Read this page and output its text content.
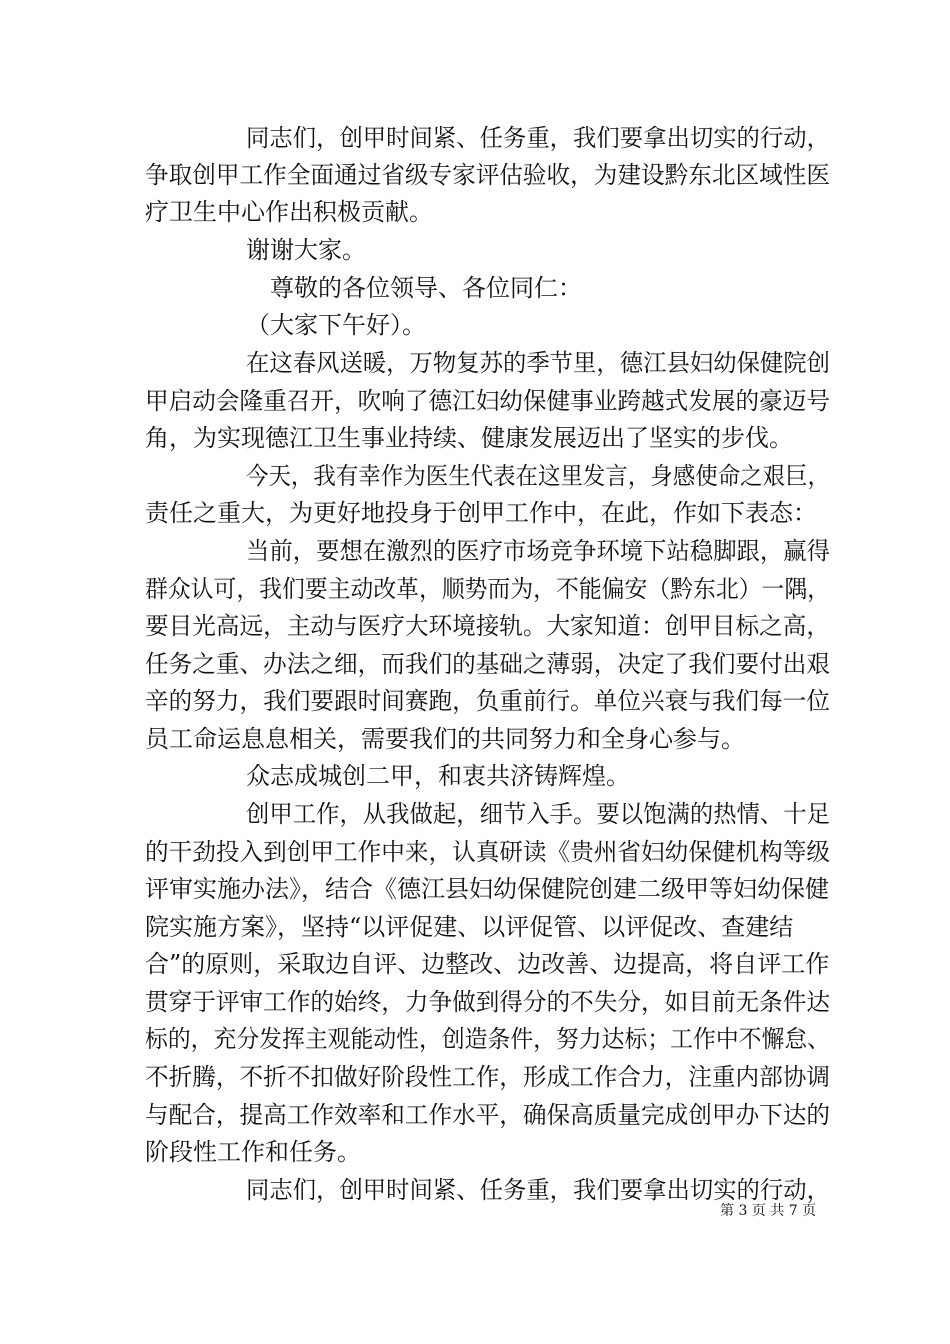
同志们，创甲时间紧、任务重，我们要拿出切实的行动，
争取创甲工作全面通过省级专家评估验收，为建设黔东北区域性医
疗卫生中心作出积极贡献。
谢谢大家。
尊敬的各位领导、各位同仁：
（大家下午好）。
在这春风送暖，万物复苏的季节里，德江县妇幼保健院创
甲启动会隆重召开，吹响了德江妇幼保健事业跨越式发展的豪迈号
角，为实现德江卫生事业持续、健康发展迈出了坚实的步伐。
今天，我有幸作为医生代表在这里发言，身感使命之艰巨，
责任之重大，为更好地投身于创甲工作中，在此，作如下表态：
当前，要想在激烈的医疗市场竞争环境下站稳脚跟，赢得
群众认可，我们要主动改革，顺势而为，不能偏安（黔东北）一隅，
要目光高远，主动与医疗大环境接轨。大家知道：创甲目标之高，
任务之重、办法之细，而我们的基础之薄弱，决定了我们要付出艰
辛的努力，我们要跟时间赛跑，负重前行。单位兴衰与我们每一位
员工命运息息相关，需要我们的共同努力和全身心参与。
众志成城创二甲，和衷共济铸辉煌。
创甲工作，从我做起，细节入手。要以饱满的热情、十足
的干劲投入到创甲工作中来，认真研读《贵州省妇幼保健机构等级
评审实施办法》，结合《德江县妇幼保健院创建二级甲等妇幼保健
院实施方案》，坚持“以评促建、以评促管、以评促改、查建结
合”的原则，采取边自评、边整改、边改善、边提高，将自评工作
贯穿于评审工作的始终，力争做到得分的不失分，如目前无条件达
标的，充分发挥主观能动性，创造条件，努力达标；工作中不懈怠、
不折腾，不折不扣做好阶段性工作，形成工作合力，注重内部协调
与配合，提高工作效率和工作水平，确保高质量完成创甲办下达的
阶段性工作和任务。
同志们，创甲时间紧、任务重，我们要拿出切实的行动，
第 3 页 共 7 页
